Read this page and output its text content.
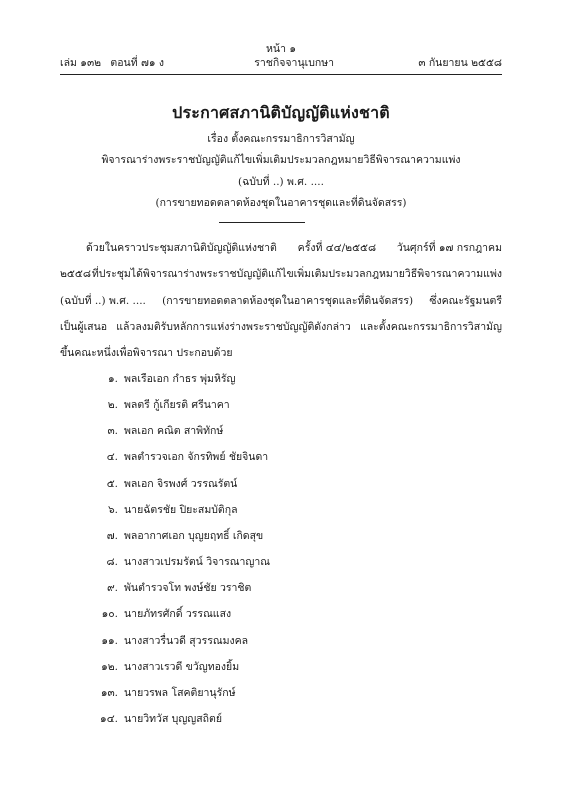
หน้า ๑
เล่ม ๑๓๒ ตอนที่ ๗๑ ง	ราชกิจจานุเบกษา	๓ กันยายน ๒๕๕๘
ประกาศสภานิติบัญญัติแห่งชาติ
เรื่อง ตั้งคณะกรรมาธิการวิสามัญ
พิจารณาร่างพระราชบัญญัติแก้ไขเพิ่มเติมประมวลกฎหมายวิธีพิจารณาความแพ่ง
(ฉบับที่ ..) พ.ศ. ....
(การขายทอดตลาดห้องชุดในอาคารชุดและที่ดินจัดสรร)
ด้วยในคราวประชุมสภานิติบัญญัติแห่งชาติ ครั้งที่ ๔๔/๒๕๕๘ วันศุกร์ที่ ๑๗ กรกฎาคม
๒๕๕๘ ที่ประชุมได้พิจารณาร่างพระราชบัญญัติแก้ไขเพิ่มเติมประมวลกฎหมายวิธีพิจารณาความแพ่ง
(ฉบับที่ ..) พ.ศ. .... (การขายทอดตลาดห้องชุดในอาคารชุดและที่ดินจัดสรร) ซึ่งคณะรัฐมนตรี
เป็นผู้เสนอ แล้วลงมติรับหลักการแห่งร่างพระราชบัญญัติดังกล่าว และตั้งคณะกรรมาธิการวิสามัญ
ขึ้นคณะหนึ่งเพื่อพิจารณา ประกอบด้วย
๑. พลเรือเอก กำธร พุ่มหิรัญ
๒. พลตรี กู้เกียรติ ศรีนาคา
๓. พลเอก คณิต สาพิทักษ์
๔. พลตำรวจเอก จักรทิพย์ ชัยจินดา
๕. พลเอก จิรพงศ์ วรรณรัตน์
๖. นายฉัตรชัย ปิยะสมบัติกุล
๗. พลอากาศเอก บุญยฤทธิ์ เกิดสุข
๘. นางสาวเปรมรัตน์ วิจารณาญาณ
๙. พันตำรวจโท พงษ์ชัย วราชิต
๑๐. นายภัทรศักดิ์ วรรณแสง
๑๑. นางสาวรื่นวดี สุวรรณมงคล
๑๒. นางสาวเรวดี ขวัญทองยิ้ม
๑๓. นายวรพล โสคติยานุรักษ์
๑๔. นายวิทวัส บุญญสถิตย์
